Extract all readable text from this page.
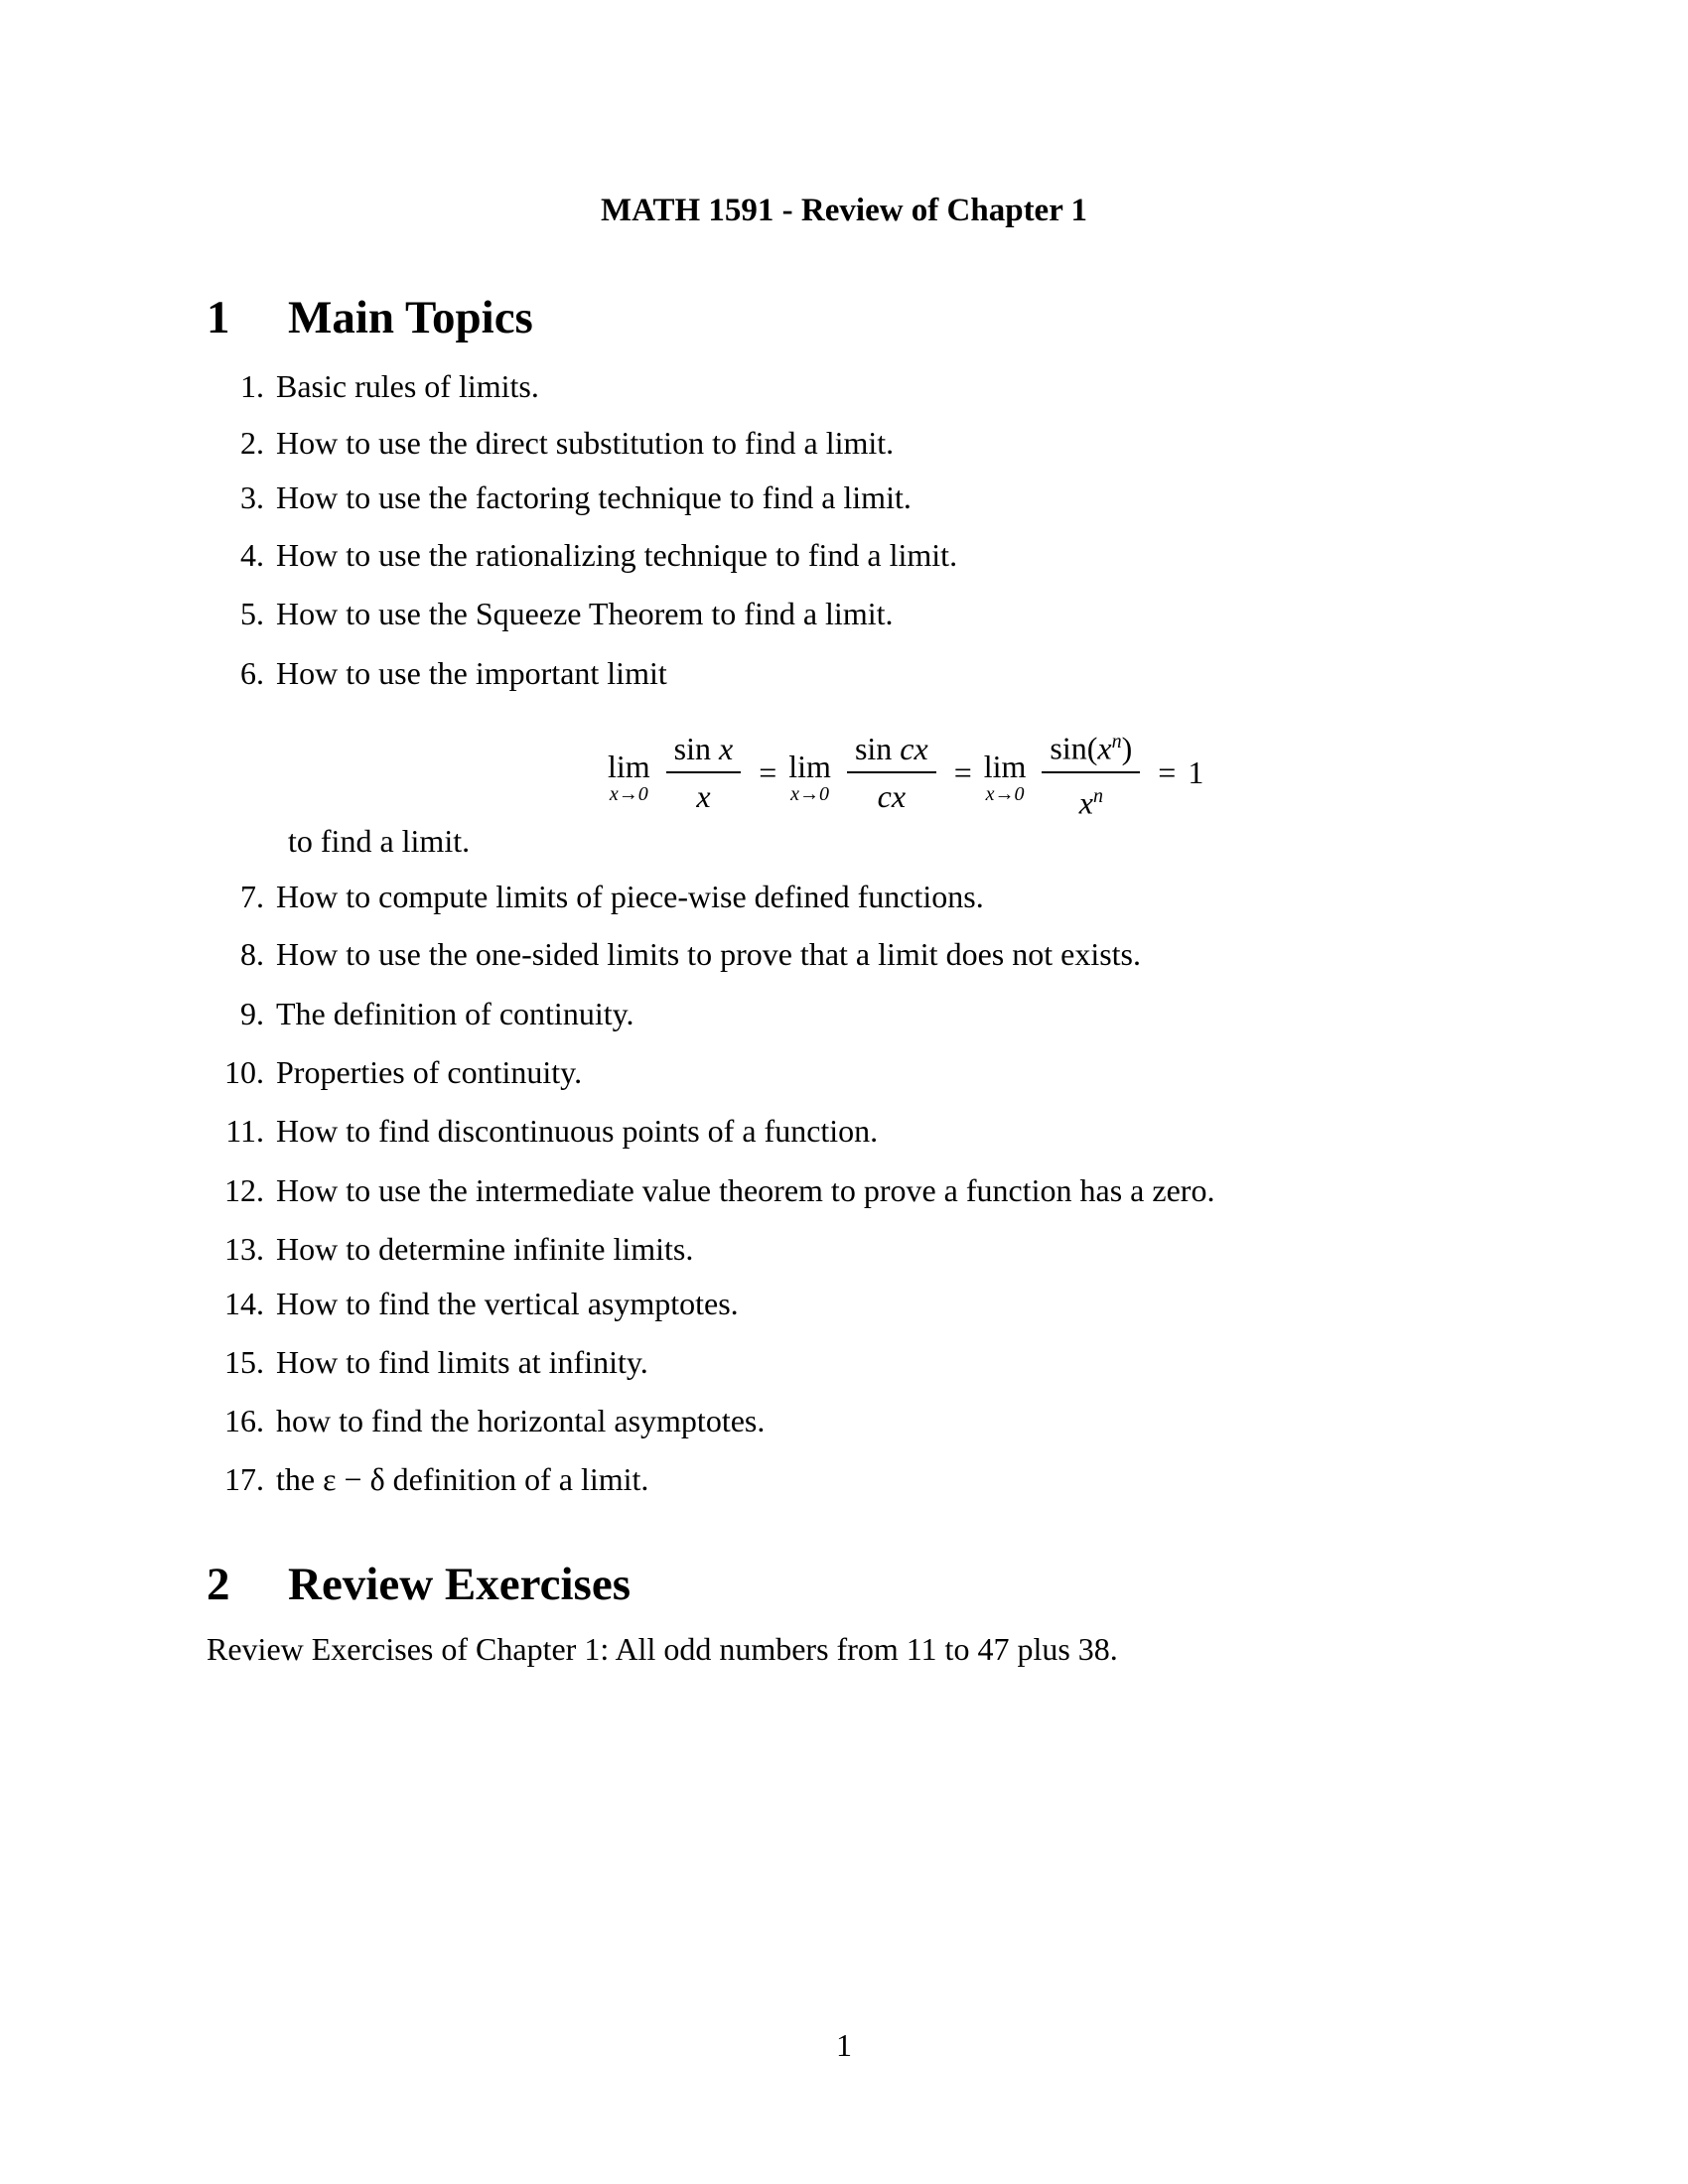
MATH 1591 - Review of Chapter 1
1 Main Topics
1. Basic rules of limits.
2. How to use the direct substitution to find a limit.
3. How to use the factoring technique to find a limit.
4. How to use the rationalizing technique to find a limit.
5. How to use the Squeeze Theorem to find a limit.
6. How to use the important limit
lim
$x\to 0 \frac{\text{sin x}}{x} = \lim$
$x\to 0 \frac{\text{sin cx}}{cx} = \lim$
$x\to 0 \frac{\sin(x^n)}{x^n} = 1$
to find a limit.
7. How to compute limits of piece-wise defined functions.
8. How to use the one-sided limits to prove that a limit does not exists.
9. The definition of continuity.
10. Properties of continuity.
11. How to find discontinuous points of a function.
12. How to use the intermediate value theorem to prove a function has a zero.
13. How to determine infinite limits.
14. How to find the vertical asymptotes.
15. How to find limits at infinity.
16. how to find the horizontal asymptotes.
17. the ε − δ definition of a limit.
2 Review Exercises
Review Exercises of Chapter 1: All odd numbers from 11 to 47 plus 38.
1
